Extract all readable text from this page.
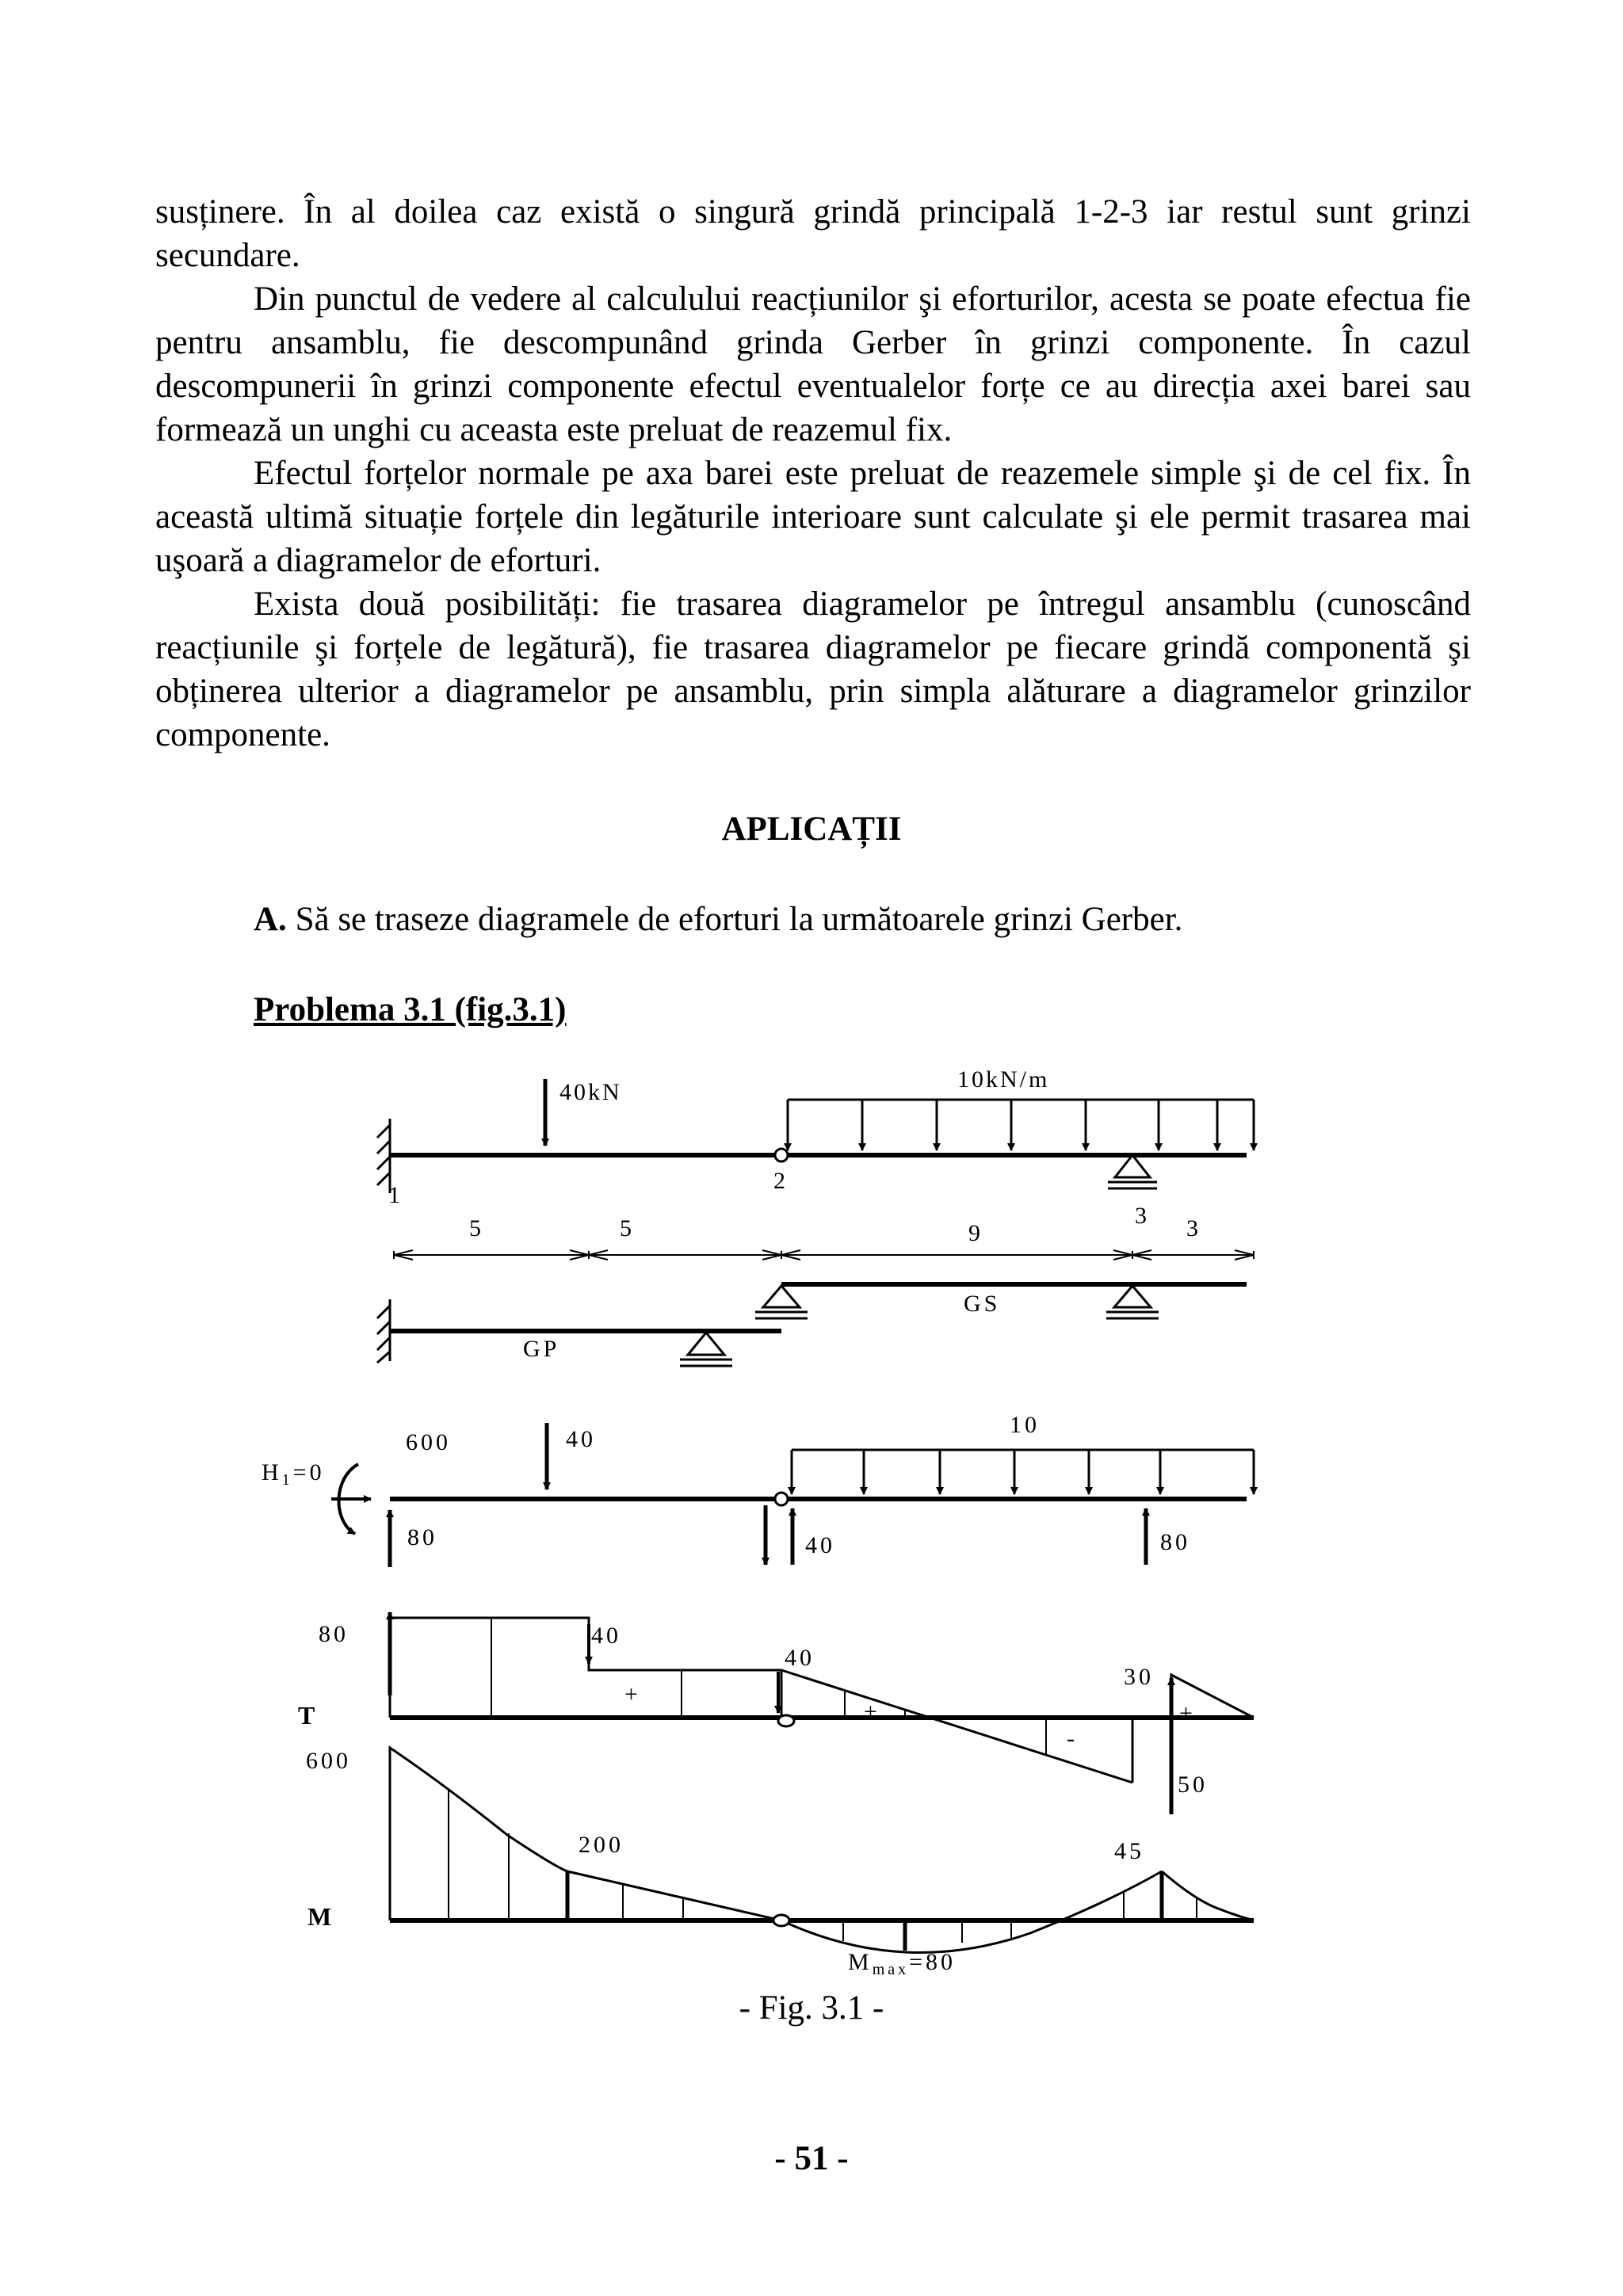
susținere. În al doilea caz există o singură grindă principală 1-2-3 iar restul sunt grinzi secundare.

Din punctul de vedere al calculului reacțiunilor şi eforturilor, acesta se poate efectua fie pentru ansamblu, fie descompunând grinda Gerber în grinzi componente. În cazul descompunerii în grinzi componente efectul eventualelor forțe ce au direcția axei barei sau formează un unghi cu aceasta este preluat de reazemul fix.

Efectul forțelor normale pe axa barei este preluat de reazemele simple şi de cel fix. În această ultimă situație forțele din legăturile interioare sunt calculate şi ele permit trasarea mai uşoară a diagramelor de eforturi.

Exista două posibilități: fie trasarea diagramelor pe întregul ansamblu (cunoscând reacțiunile şi forțele de legătură), fie trasarea diagramelor pe fiecare grindă componentă şi obținerea ulterior a diagramelor pe ansamblu, prin simpla alăturare a diagramelor grinzilor componente.

APLICAȚII
A. Să se traseze diagramele de eforturi la următoarele grinzi Gerber.
Problema 3.1 (fig.3.1)
40kN	10kN/m
1
2
3
5	5	9	3
GP
GS
600	40
10
$H_1=0$
80	40	80
80	40
40
30
50
+
+
-
+
T
600
200	45
$M_{max}=80$
M
- Fig. 3.1 -
- 51 -
